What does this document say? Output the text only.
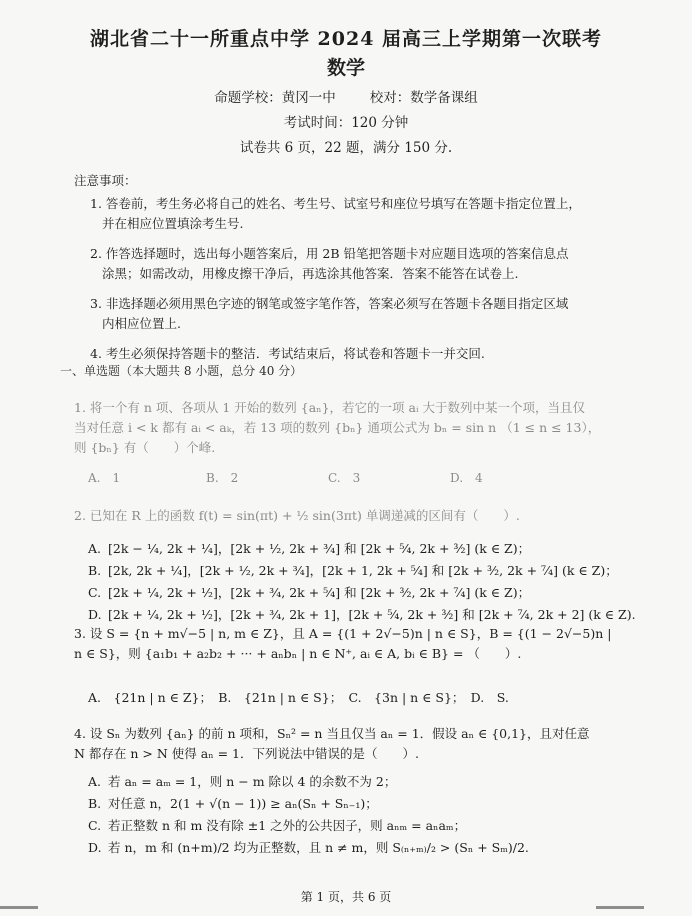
湖北省二十一所重点中学 2024 届高三上学期第一次联考
数学
命题学校：黄冈一中	校对：数学备课组
考试时间：120 分钟
试卷共 6 页，22 题，满分 150 分.
注意事项：
1. 答卷前，考生务必将自己的姓名、考生号、试室号和座位号填写在答题卡指定位置上，
并在相应位置填涂考生号.
2. 作答选择题时，选出每小题答案后，用 2B 铅笔把答题卡对应题目选项的答案信息点
涂黑；如需改动，用橡皮擦干净后，再选涂其他答案．答案不能答在试卷上.
3. 非选择题必须用黑色字迹的钢笔或签字笔作答，答案必须写在答题卡各题目指定区域
内相应位置上.
4. 考生必须保持答题卡的整洁．考试结束后，将试卷和答题卡一并交回.
一、单选题（本大题共 8 小题，总分 40 分）
1. 将一个有 n 项、各项从 1 开始的数列 {aₙ}，若它的一项 aᵢ 大于数列中某一个项，当且仅
当对任意 i < k 都有 aᵢ < aₖ，若 13 项的数列 {bₙ} 通项公式为 bₙ = sin n （1 ≤ n ≤ 13），
则 {bₙ} 有（　　）个峰.
A.　1	B.　2	C.　3	D.　4
2. 已知在 R 上的函数 f(t) = sin(πt) + ½ sin(3πt) 单调递减的区间有（　　）.
A. [2k − ¼, 2k + ¼]，[2k + ½, 2k + ¾] 和 [2k + ⁵⁄₄, 2k + ³⁄₂] (k ∈ Z)；
B. [2k, 2k + ¼]，[2k + ½, 2k + ¾]，[2k + 1, 2k + ⁵⁄₄] 和 [2k + ³⁄₂, 2k + ⁷⁄₄] (k ∈ Z)；
C. [2k + ¼, 2k + ½]，[2k + ¾, 2k + ⁵⁄₄] 和 [2k + ³⁄₂, 2k + ⁷⁄₄] (k ∈ Z)；
D. [2k + ¼, 2k + ½]，[2k + ¾, 2k + 1]，[2k + ⁵⁄₄, 2k + ³⁄₂] 和 [2k + ⁷⁄₄, 2k + 2] (k ∈ Z).
3. 设 S = {n + m√−5 | n, m ∈ Z}，且 A = {(1 + 2√−5)n | n ∈ S}，B = {(1 − 2√−5)n |
n ∈ S}，则 {a₁b₁ + a₂b₂ + ··· + aₙbₙ | n ∈ N⁺, aᵢ ∈ A, bᵢ ∈ B} = （　　）.
A.　{21n | n ∈ Z}；　B.　{21n | n ∈ S}；　C.　{3n | n ∈ S}；　D.　S.
4. 设 Sₙ 为数列 {aₙ} 的前 n 项和，Sₙ² = n 当且仅当 aₙ = 1．假设 aₙ ∈ {0,1}，且对任意
N 都存在 n > N 使得 aₙ = 1．下列说法中错误的是（　　）.
A. 若 aₙ = aₘ = 1，则 n − m 除以 4 的余数不为 2；
B. 对任意 n，2(1 + √(n − 1)) ≥ aₙ(Sₙ + Sₙ₋₁)；
C. 若正整数 n 和 m 没有除 ±1 之外的公共因子，则 aₙₘ = aₙaₘ；
D. 若 n，m 和 (n+m)/2 均为正整数，且 n ≠ m，则 S₍ₙ₊ₘ₎/₂ > (Sₙ + Sₘ)/2.
第 1 页，共 6 页
